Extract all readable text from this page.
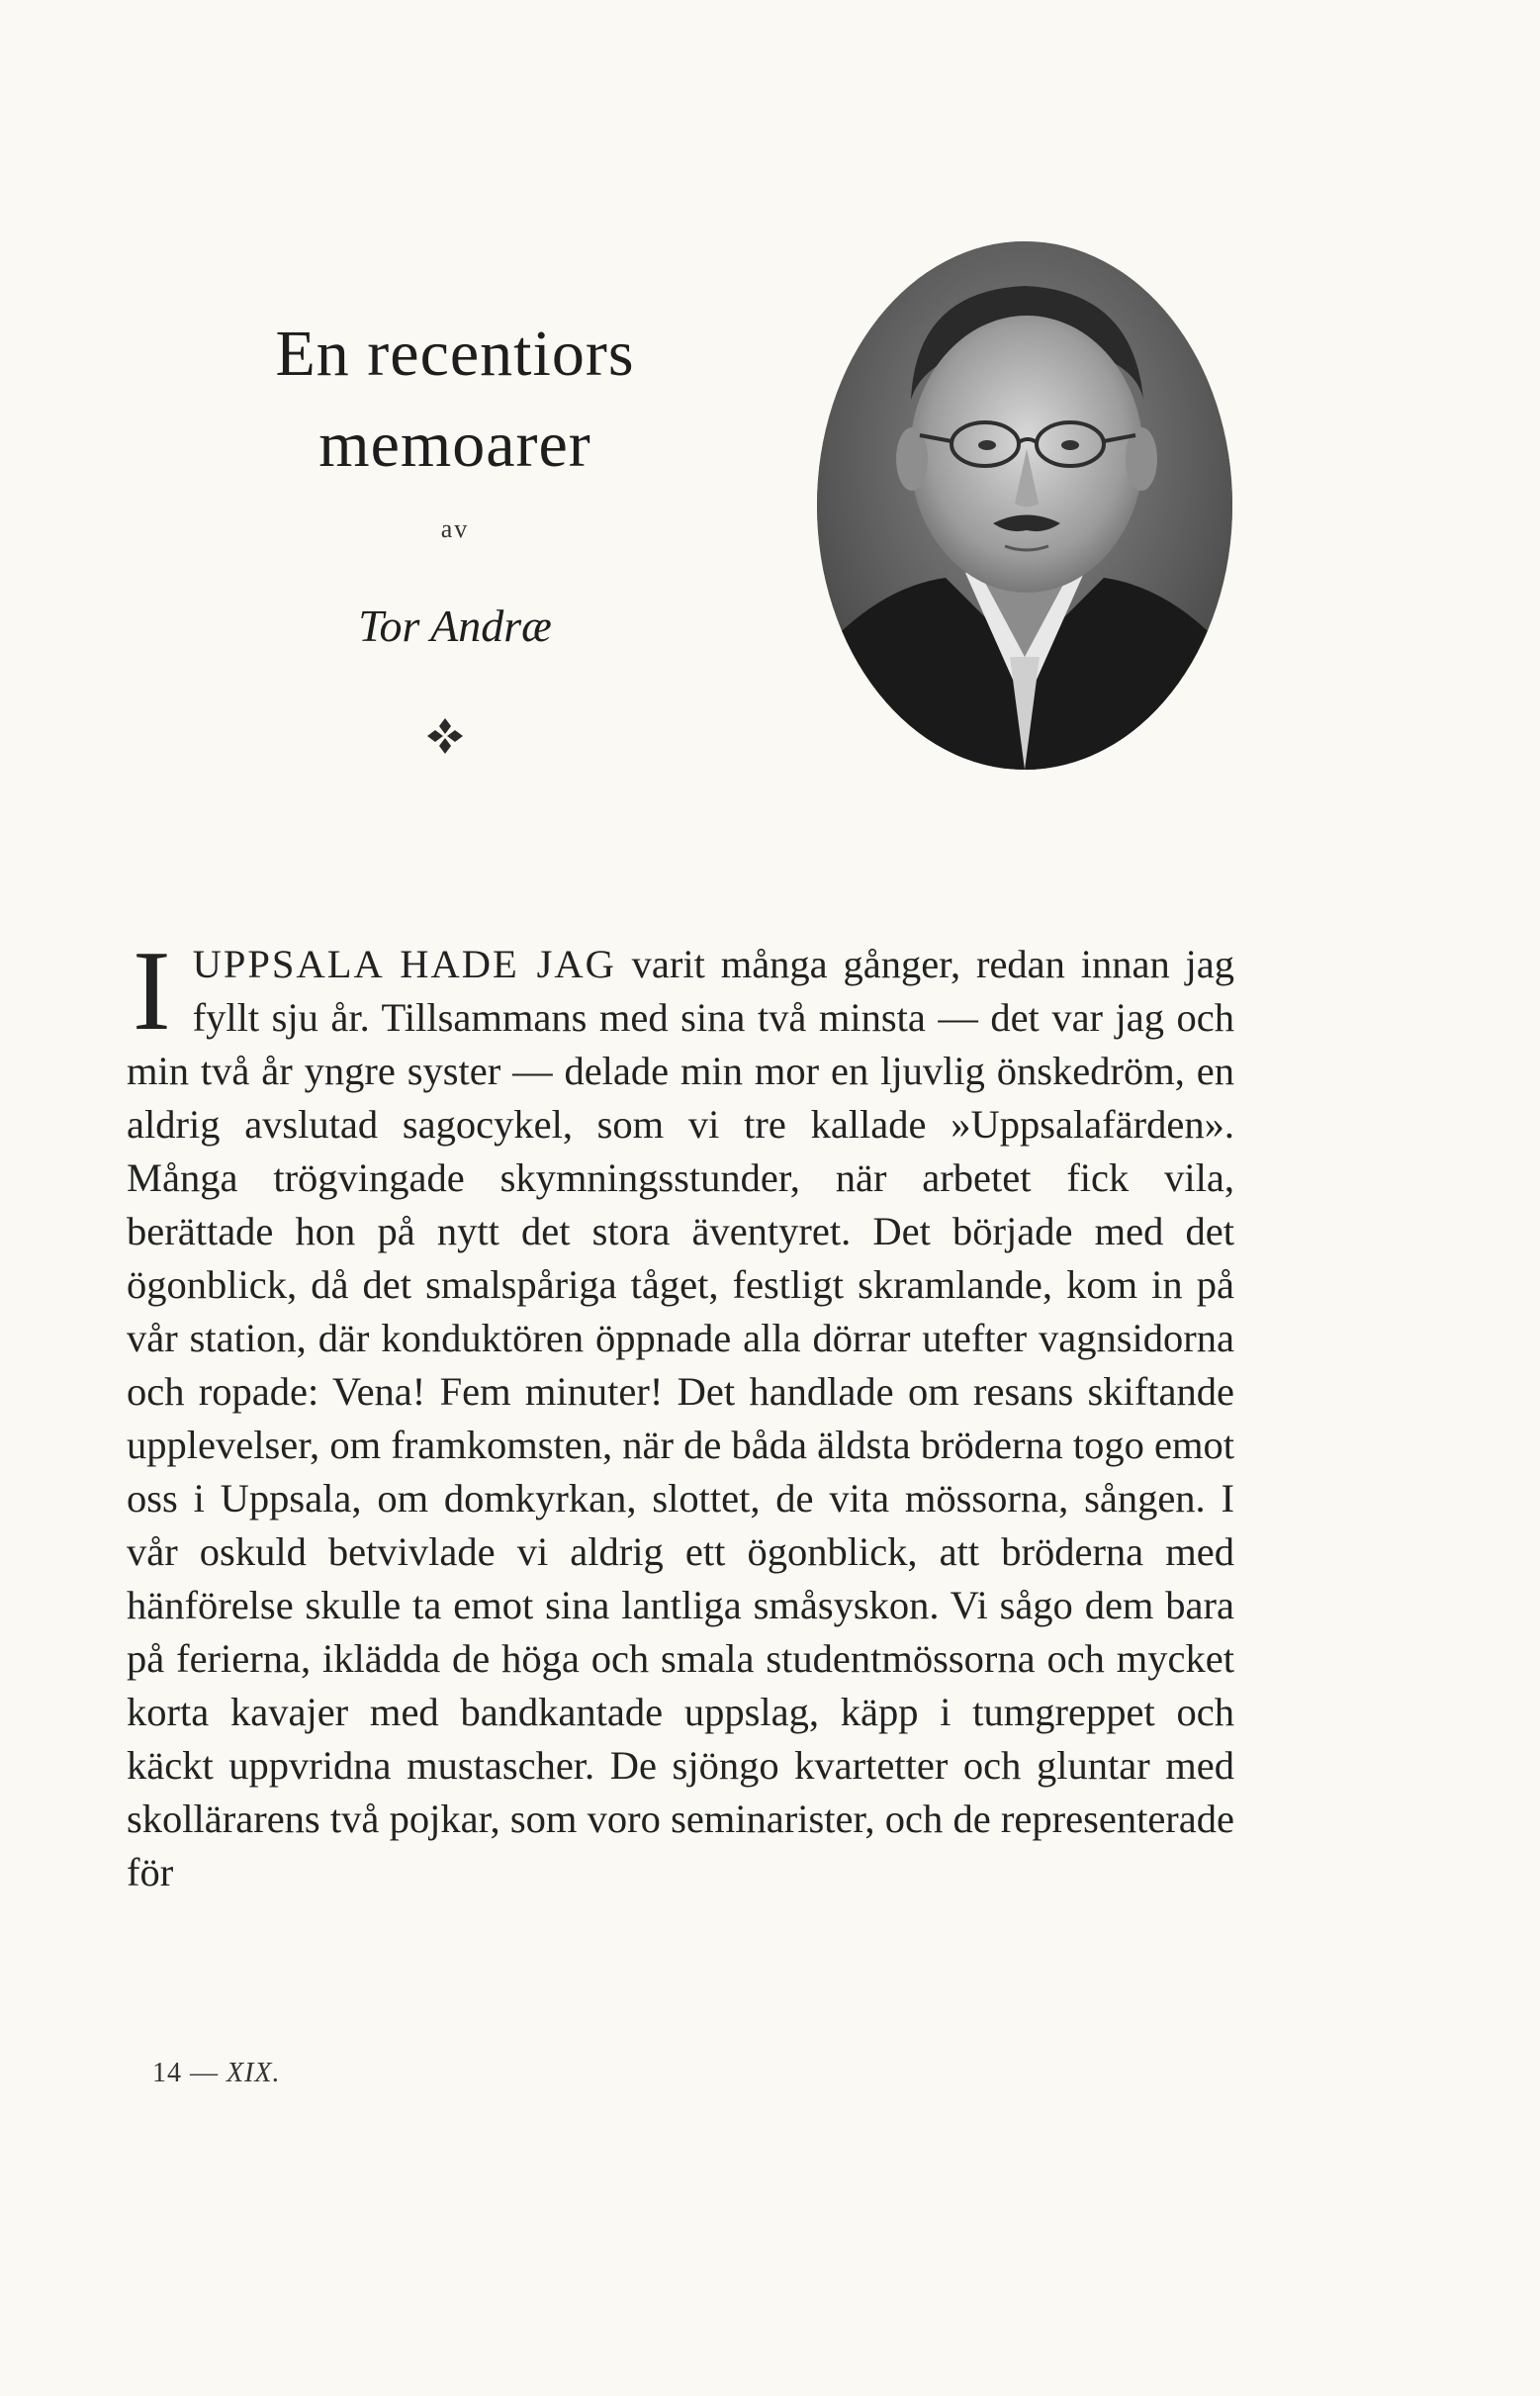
En recentiors
memoarer
av
Tor Andræ

IUPPSALA HADE JAG varit många gånger, redan innan jag fyllt sju år. Tillsammans med sina två minsta — det var jag och min två år yngre syster — delade min mor en ljuvlig önskedröm, en aldrig avslutad sagocykel, som vi tre kallade »Uppsalafärden». Många trögvingade skymningsstunder, när arbetet fick vila, berättade hon på nytt det stora äventyret. Det började med det ögonblick, då det smalspåriga tåget, festligt skramlande, kom in på vår station, där konduktören öppnade alla dörrar utefter vagnsidorna och ropade: Vena! Fem minuter! Det handlade om resans skiftande upplevelser, om framkomsten, när de båda äldsta bröderna togo emot oss i Uppsala, om domkyrkan, slottet, de vita mössorna, sången. I vår oskuld betvivlade vi aldrig ett ögonblick, att bröderna med hänförelse skulle ta emot sina lantliga småsyskon. Vi sågo dem bara på ferierna, iklädda de höga och smala studentmössorna och mycket korta kavajer med bandkantade uppslag, käpp i tumgreppet och käckt uppvridna mustascher. De sjöngo kvartetter och gluntar med skollärarens två pojkar, som voro seminarister, och de representerade för

14 — XIX.
